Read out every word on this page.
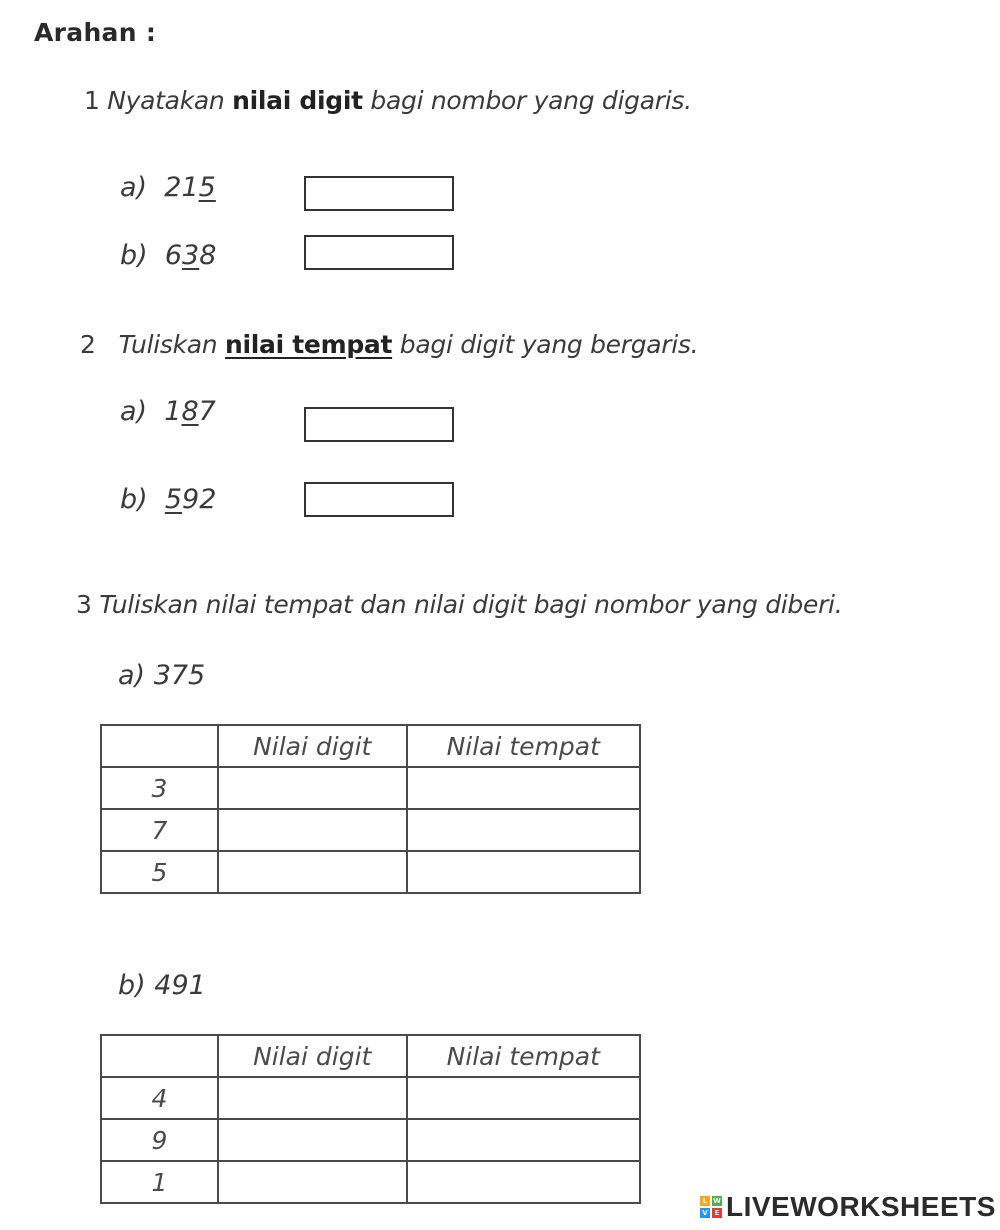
Arahan :
1 Nyatakan nilai digit bagi nombor yang digaris.
a) 215
b) 638
2 Tuliskan nilai tempat bagi digit yang bergaris.
a) 187
b) 592
3 Tuliskan nilai tempat dan nilai digit bagi nombor yang diberi.
a) 375
	Nilai digit	Nilai tempat
3		
7		
5		
b) 491
	Nilai digit	Nilai tempat
4		
9		
1		
L W
V E LIVEWORKSHEETS
